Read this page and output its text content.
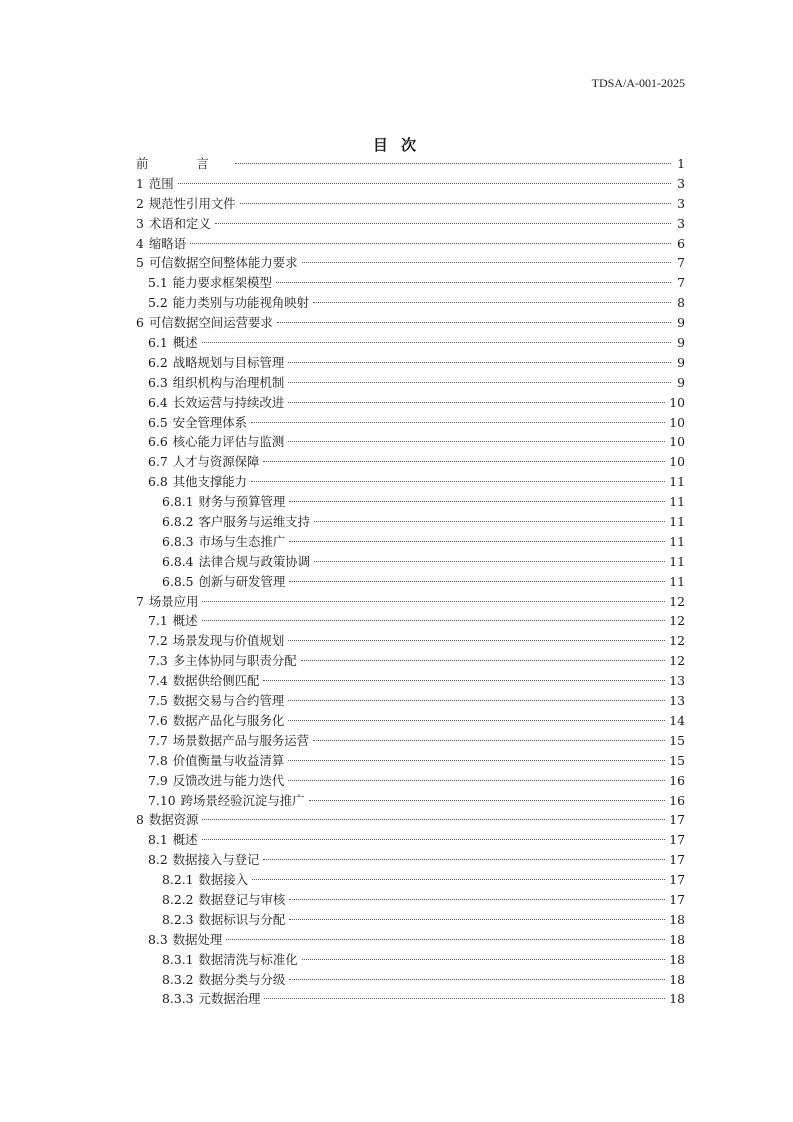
TDSA/A-001-2025
目 次
前 言	1
1 范围	3
2 规范性引用文件	3
3 术语和定义	3
4 缩略语	6
5 可信数据空间整体能力要求	7
5.1 能力要求框架模型	7
5.2 能力类别与功能视角映射	8
6 可信数据空间运营要求	9
6.1 概述	9
6.2 战略规划与目标管理	9
6.3 组织机构与治理机制	9
6.4 长效运营与持续改进	10
6.5 安全管理体系	10
6.6 核心能力评估与监测	10
6.7 人才与资源保障	10
6.8 其他支撑能力	11
6.8.1 财务与预算管理	11
6.8.2 客户服务与运维支持	11
6.8.3 市场与生态推广	11
6.8.4 法律合规与政策协调	11
6.8.5 创新与研发管理	11
7 场景应用	12
7.1 概述	12
7.2 场景发现与价值规划	12
7.3 多主体协同与职责分配	12
7.4 数据供给侧匹配	13
7.5 数据交易与合约管理	13
7.6 数据产品化与服务化	14
7.7 场景数据产品与服务运营	15
7.8 价值衡量与收益清算	15
7.9 反馈改进与能力迭代	16
7.10 跨场景经验沉淀与推广	16
8 数据资源	17
8.1 概述	17
8.2 数据接入与登记	17
8.2.1 数据接入	17
8.2.2 数据登记与审核	17
8.2.3 数据标识与分配	18
8.3 数据处理	18
8.3.1 数据清洗与标准化	18
8.3.2 数据分类与分级	18
8.3.3 元数据治理	18
